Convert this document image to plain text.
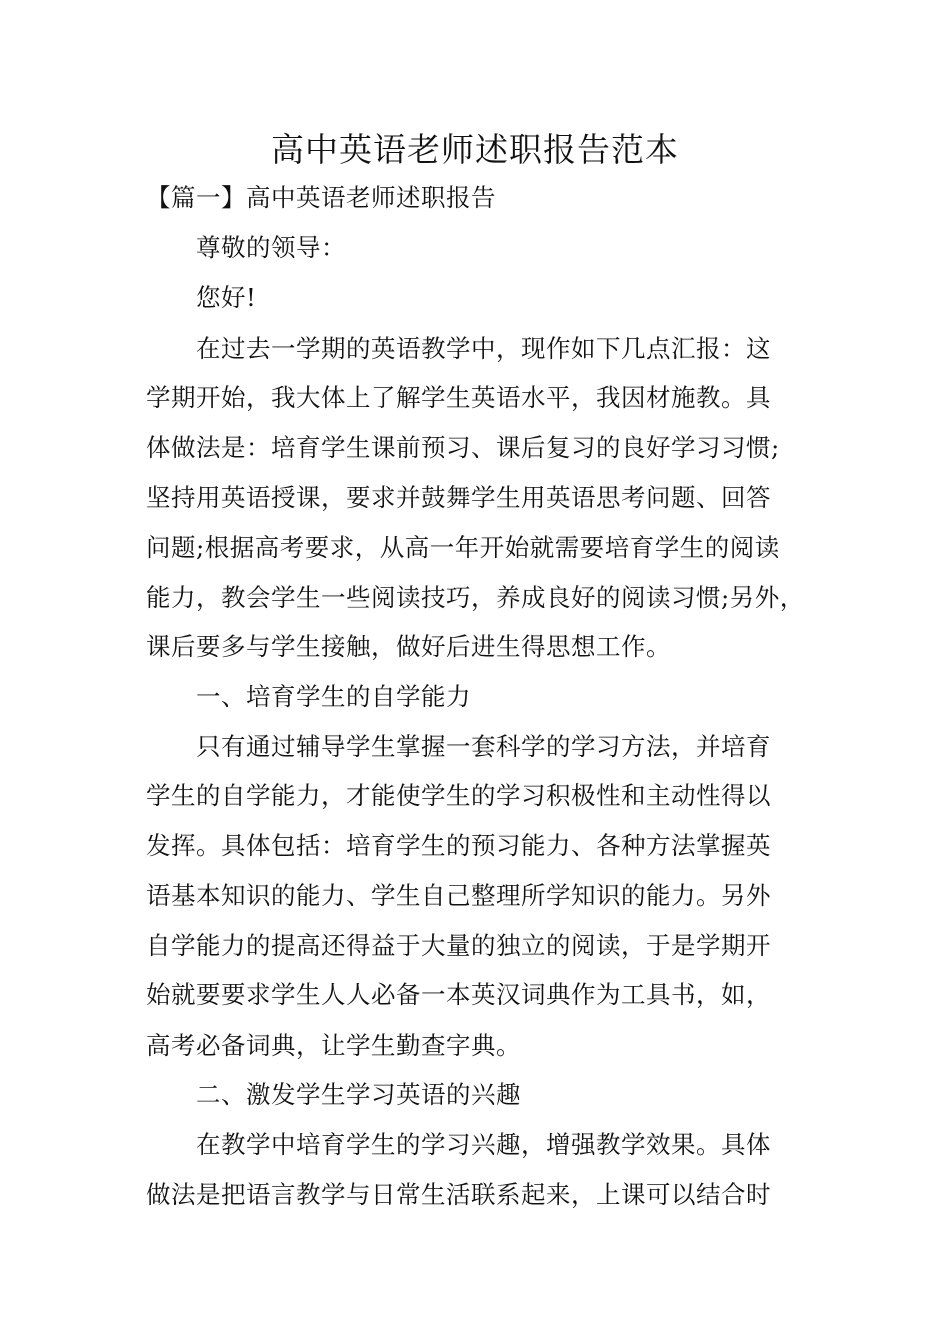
高中英语老师述职报告范本
【篇一】高中英语老师述职报告
尊敬的领导：
您好!
在过去一学期的英语教学中，现作如下几点汇报：这
学期开始，我大体上了解学生英语水平，我因材施教。具
体做法是：培育学生课前预习、课后复习的良好学习习惯;
坚持用英语授课，要求并鼓舞学生用英语思考问题、回答
问题;根据高考要求，从高一年开始就需要培育学生的阅读
能力，教会学生一些阅读技巧，养成良好的阅读习惯;另外，
课后要多与学生接触，做好后进生得思想工作。
一、培育学生的自学能力
只有通过辅导学生掌握一套科学的学习方法，并培育
学生的自学能力，才能使学生的学习积极性和主动性得以
发挥。具体包括：培育学生的预习能力、各种方法掌握英
语基本知识的能力、学生自己整理所学知识的能力。另外
自学能力的提高还得益于大量的独立的阅读，于是学期开
始就要要求学生人人必备一本英汉词典作为工具书，如，
高考必备词典，让学生勤查字典。
二、激发学生学习英语的兴趣
在教学中培育学生的学习兴趣，增强教学效果。具体
做法是把语言教学与日常生活联系起来，上课可以结合时
